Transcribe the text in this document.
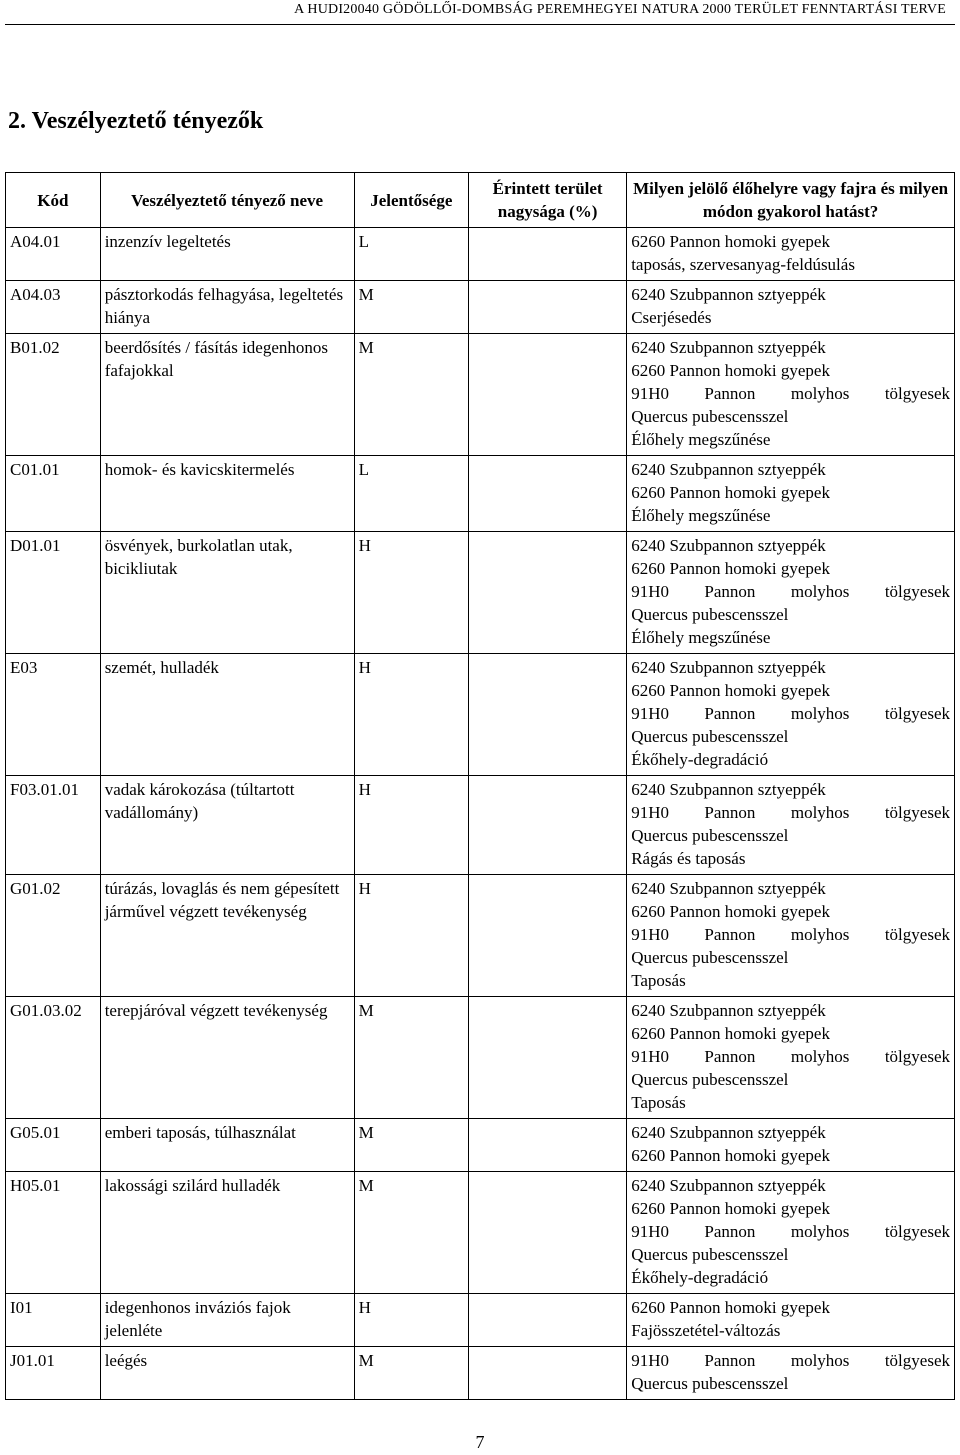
A HUDI20040 GÖDÖLLŐI-DOMBSÁG PEREMHEGYEI NATURA 2000 TERÜLET FENNTARTÁSI TERVE
2. Veszélyeztető tényezők
Kód	Veszélyeztető tényező neve	Jelentősége	Érintett terület nagysága (%)	Milyen jelölő élőhelyre vagy fajra és milyen módon gyakorol hatást?
A04.01	inzenzív legeltetés	L		6260 Pannon homoki gyepek
taposás, szervesanyag-feldúsulás

A04.03	pásztorkodás felhagyása, legeltetés hiánya	M		6240 Szubpannon sztyeppék
Cserjésedés

B01.02	beerdősítés / fásítás idegenhonos fafajokkal	M		6240 Szubpannon sztyeppék
6260 Pannon homoki gyepek
91H0 Pannon molyhos tölgyesek
Quercus pubescensszel
Élőhely megszűnése

C01.01	homok- és kavicskitermelés	L		6240 Szubpannon sztyeppék
6260 Pannon homoki gyepek
Élőhely megszűnése

D01.01	ösvények, burkolatlan utak, bicikliutak	H		6240 Szubpannon sztyeppék
6260 Pannon homoki gyepek
91H0 Pannon molyhos tölgyesek
Quercus pubescensszel
Élőhely megszűnése

E03	szemét, hulladék	H		6240 Szubpannon sztyeppék
6260 Pannon homoki gyepek
91H0 Pannon molyhos tölgyesek
Quercus pubescensszel
Ékőhely-degradáció

F03.01.01	vadak károkozása (túltartott vadállomány)	H		6240 Szubpannon sztyeppék
91H0 Pannon molyhos tölgyesek
Quercus pubescensszel
Rágás és taposás

G01.02	túrázás, lovaglás és nem gépesített járművel végzett tevékenység	H		6240 Szubpannon sztyeppék
6260 Pannon homoki gyepek
91H0 Pannon molyhos tölgyesek
Quercus pubescensszel
Taposás

G01.03.02	terepjáróval végzett tevékenység	M		6240 Szubpannon sztyeppék
6260 Pannon homoki gyepek
91H0 Pannon molyhos tölgyesek
Quercus pubescensszel
Taposás

G05.01	emberi taposás, túlhasználat	M		6240 Szubpannon sztyeppék
6260 Pannon homoki gyepek

H05.01	lakossági szilárd hulladék	M		6240 Szubpannon sztyeppék
6260 Pannon homoki gyepek
91H0 Pannon molyhos tölgyesek
Quercus pubescensszel
Ékőhely-degradáció

I01	idegenhonos inváziós fajok jelenléte	H		6260 Pannon homoki gyepek
Fajösszetétel-változás

J01.01	leégés	M		91H0 Pannon molyhos tölgyesek
Quercus pubescensszel
7
